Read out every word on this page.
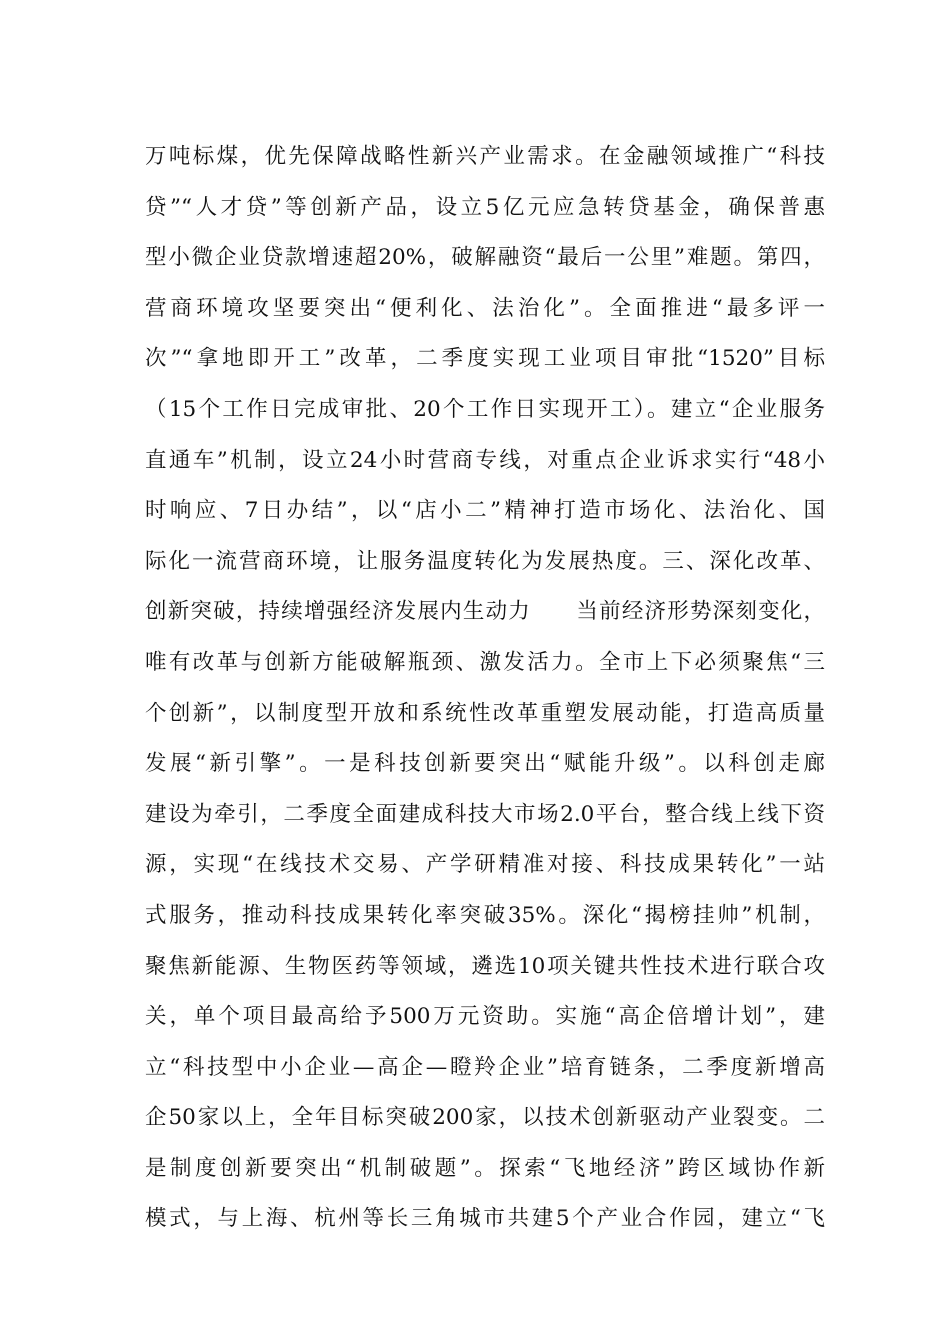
万吨标煤，优先保障战略性新兴产业需求。在金融领域推广“科技
贷”“人才贷”等创新产品，设立5亿元应急转贷基金，确保普惠
型小微企业贷款增速超20%，破解融资“最后一公里”难题。第四，
营商环境攻坚要突出“便利化、法治化”。全面推进“最多评一
次”“拿地即开工”改革，二季度实现工业项目审批“1520”目标
（15个工作日完成审批、20个工作日实现开工）。建立“企业服务
直通车”机制，设立24小时营商专线，对重点企业诉求实行“48小
时响应、7日办结”，以“店小二”精神打造市场化、法治化、国
际化一流营商环境，让服务温度转化为发展热度。三、深化改革、
创新突破，持续增强经济发展内生动力　　当前经济形势深刻变化，
唯有改革与创新方能破解瓶颈、激发活力。全市上下必须聚焦“三
个创新”，以制度型开放和系统性改革重塑发展动能，打造高质量
发展“新引擎”。一是科技创新要突出“赋能升级”。以科创走廊
建设为牵引，二季度全面建成科技大市场2.0平台，整合线上线下资
源，实现“在线技术交易、产学研精准对接、科技成果转化”一站
式服务，推动科技成果转化率突破35%。深化“揭榜挂帅”机制，
聚焦新能源、生物医药等领域，遴选10项关键共性技术进行联合攻
关，单个项目最高给予500万元资助。实施“高企倍增计划”，建
立“科技型中小企业—高企—瞪羚企业”培育链条，二季度新增高
企50家以上，全年目标突破200家，以技术创新驱动产业裂变。二
是制度创新要突出“机制破题”。探索“飞地经济”跨区域协作新
模式，与上海、杭州等长三角城市共建5个产业合作园，建立“飞
